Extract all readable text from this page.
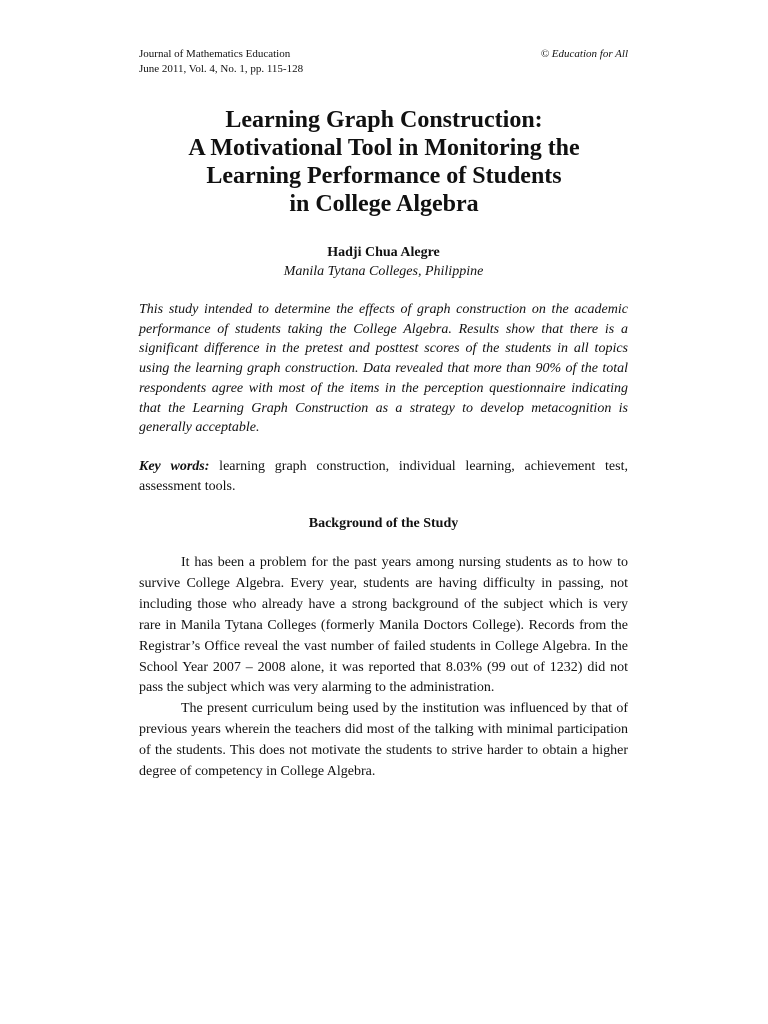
Journal of Mathematics Education
June 2011, Vol. 4, No. 1, pp. 115-128
© Education for All
Learning Graph Construction:
A Motivational Tool in Monitoring the
Learning Performance of Students
in College Algebra
Hadji Chua Alegre
Manila Tytana Colleges, Philippine
This study intended to determine the effects of graph construction on the academic performance of students taking the College Algebra. Results show that there is a significant difference in the pretest and posttest scores of the students in all topics using the learning graph construction. Data revealed that more than 90% of the total respondents agree with most of the items in the perception questionnaire indicating that the Learning Graph Construction as a strategy to develop metacognition is generally acceptable.
Key words: learning graph construction, individual learning, achievement test, assessment tools.
Background of the Study

It has been a problem for the past years among nursing students as to how to survive College Algebra. Every year, students are having difficulty in passing, not including those who already have a strong background of the subject which is very rare in Manila Tytana Colleges (formerly Manila Doctors College). Records from the Registrar’s Office reveal the vast number of failed students in College Algebra. In the School Year 2007 – 2008 alone, it was reported that 8.03% (99 out of 1232) did not pass the subject which was very alarming to the administration.

The present curriculum being used by the institution was influenced by that of previous years wherein the teachers did most of the talking with minimal participation of the students. This does not motivate the students to strive harder to obtain a higher degree of competency in College Algebra.
